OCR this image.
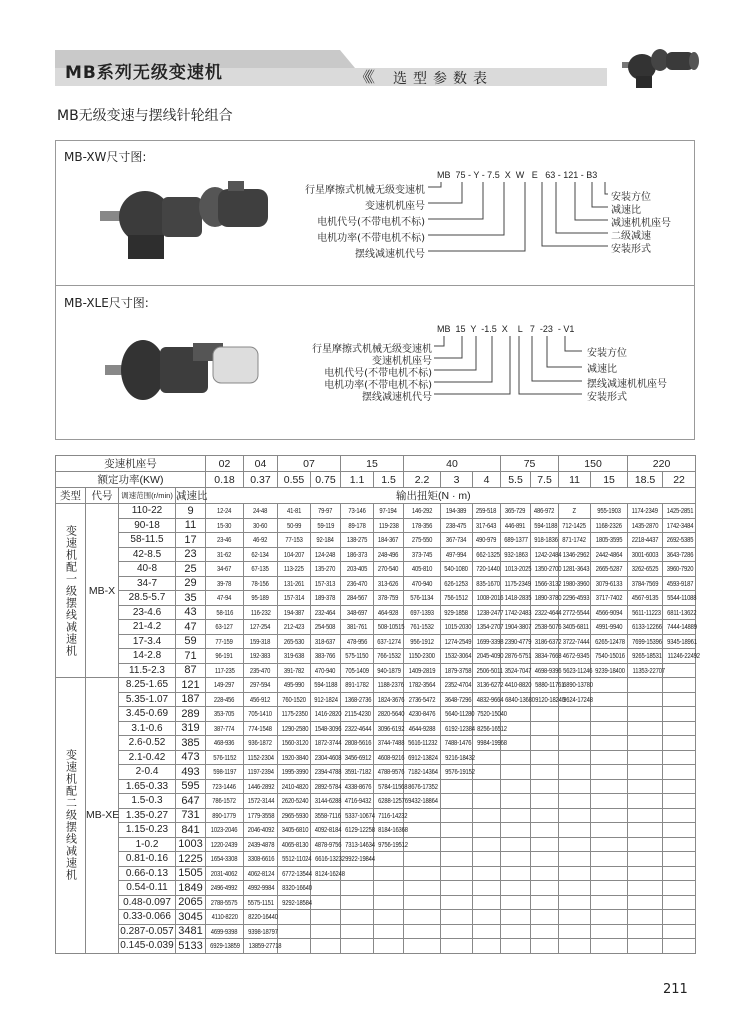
MB系列无级变速机	《《《 选型参数表
MB无级变速与摆线针轮组合
MB-XW尺寸图:
MB  75 - Y - 7.5  X  W   E   63 - 121 - B3
行星摩擦式机械无级变速机
变速机机座号
电机代号(不带电机不标)
电机功率(不带电机不标)
摆线减速机代号
安装方位
减速比
减速机机座号
二级减速
安装形式
MB-XLE尺寸图:
MB  15  Y  -1.5  X    L   7  -23  - V1
行星摩擦式机械无级变速机
变速机机座号
电机代号(不带电机不标)
电机功率(不带电机不标)
摆线减速机代号
安装方位
减速比
摆线减速机机座号
安装形式
变速机座号				02	04	07		15		40			75		150		220	
额定功率(KW)				0.18	0.37	0.55	0.75	1.1	1.5	2.2	3	4	5.5	7.5	11	15	18.5	22
类型	代号	调速范围(r/min)	减速比	输出扭矩(N · m)														
变速机配一级摆线减速机	MB-X	110-22	9	12-24	24-48	41-81	79-97	73-146	97-194	146-292	194-389	259-518	365-729	486-972	Z	955-1903	1174-2349	1425-2851
		90-18	11	15-30	30-60	50-99	59-119	89-178	119-238	178-356	238-475	317-643	446-891	594-1188	712-1425	1168-2326	1435-2870	1742-3484
		58-11.5	17	23-46	46-92	77-153	92-184	138-275	184-367	275-550	367-734	490-979	689-1377	918-1836	871-1742	1805-3595	2218-4437	2692-5385
		42-8.5	23	31-62	62-134	104-207	124-248	186-373	248-496	373-745	497-994	662-1325	932-1863	1242-2484	1346-2962	2442-4864	3001-6003	3643-7286
		40-8	25	34-67	67-135	113-225	135-270	203-405	270-540	405-810	540-1080	720-1440	1013-2025	1350-2700	1281-3643	2665-5287	3262-6525	3960-7920
		34-7	29	39-78	78-156	131-261	157-313	236-470	313-626	470-940	626-1253	835-1670	1175-2349	1566-3132	1980-3960	3079-6133	3784-7569	4593-9187
		28.5-5.7	35	47-94	95-189	157-314	189-378	284-567	378-759	576-1134	756-1512	1008-2016	1418-2835	1890-3780	2296-4593	3717-7402	4567-9135	5544-11088
		23-4.6	43	58-116	116-232	194-387	232-464	348-697	464-928	697-1393	929-1858	1238-2477	1742-2483	2322-4644	2772-5544	4566-9094	5611-11223	6811-13622
		21-4.2	47	63-127	127-254	212-423	254-508	381-761	508-10515	761-1532	1015-2030	1354-2707	1904-3807	2538-5076	3405-6811	4991-9940	6133-12266	7444-14889
		17-3.4	59	77-159	159-318	265-530	318-637	478-956	637-1274	956-1912	1274-2549	1699-3398	2390-4779	3186-6372	3722-7444	6265-12478	7699-15396	9345-18961
		14-2.8	71	96-191	192-383	319-638	383-766	575-1150	766-1532	1150-2300	1532-3064	2045-4090	2876-5751	3834-7668	4672-9345	7540-15016	9265-18531	11246-22492
		11.5-2.3	87	117-235	235-470	391-782	470-940	705-1409	940-1879	1409-2819	1879-3758	2506-5011	3524-7047	4698-9396	5623-11246	9239-18400	11353-22707	
变速机配二级摆线减速机	MB-XE	8.25-1.65	121	149-297	297-594	495-990	594-1188	891-1782	1188-2376	1782-3564	2352-4704	3136-6272	4410-8820	5880-11761	6890-13780			
		5.35-1.07	187	228-456	456-912	760-1520	912-1824	1368-2736	1824-3676	2736-5472	3648-7296	4832-9664	6840-13680	9120-18240	9624-17248			
		3.45-0.69	289	353-705	705-1410	1175-2350	1416-2820	2115-4230	2820-5640	4230-8476	5640-11280	7520-15040						
		3.1-0.6	319	387-774	774-1548	1290-2580	1548-3096	2322-4644	3096-6192	4644-9288	6192-12384	8256-16512						
		2.6-0.52	385	468-936	936-1872	1560-3120	1872-3744	2808-5616	3744-7488	5616-11232	7488-1476	9984-19968						
		2.1-0.42	473	576-1152	1152-2304	1920-3840	2304-4608	3456-6912	4608-9216	6912-13824	9216-18432							
		2-0.4	493	598-1197	1197-2394	1995-3990	2394-4788	3591-7182	4788-9576	7182-14364	9576-19152							
		1.65-0.33	595	723-1446	1446-2892	2410-4820	2892-5784	4338-8676	5784-11568	8676-17352								
		1.5-0.3	647	786-1572	1572-3144	2620-5240	3144-6288	4716-9432	6288-12576	9432-18864								
		1.35-0.27	731	890-1779	1779-3558	2965-5930	3558-7116	5337-10674	7116-14232									
		1.15-0.23	841	1023-2046	2046-4092	3405-6810	4092-8184	6129-12258	8184-16368									
		1-0.2	1003	1220-2439	2439-4878	4065-8130	4878-9756	7313-14634	9756-19512									
		0.81-0.16	1225	1654-3308	3308-6616	5512-11024	6616-13232	9922-19844										
		0.66-0.13	1505	2031-4062	4062-8124	6772-13544	8124-16248											
		0.54-0.11	1849	2496-4992	4992-9984	8320-16640												
		0.48-0.097	2065	2788-5575	5575-1151	9292-18584												
		0.33-0.066	3045	4110-8220	8220-16440													
		0.287-0.057	3481	4699-9398	9398-18797													
		0.145-0.039	5133	6929-13859	13859-27718													
211
